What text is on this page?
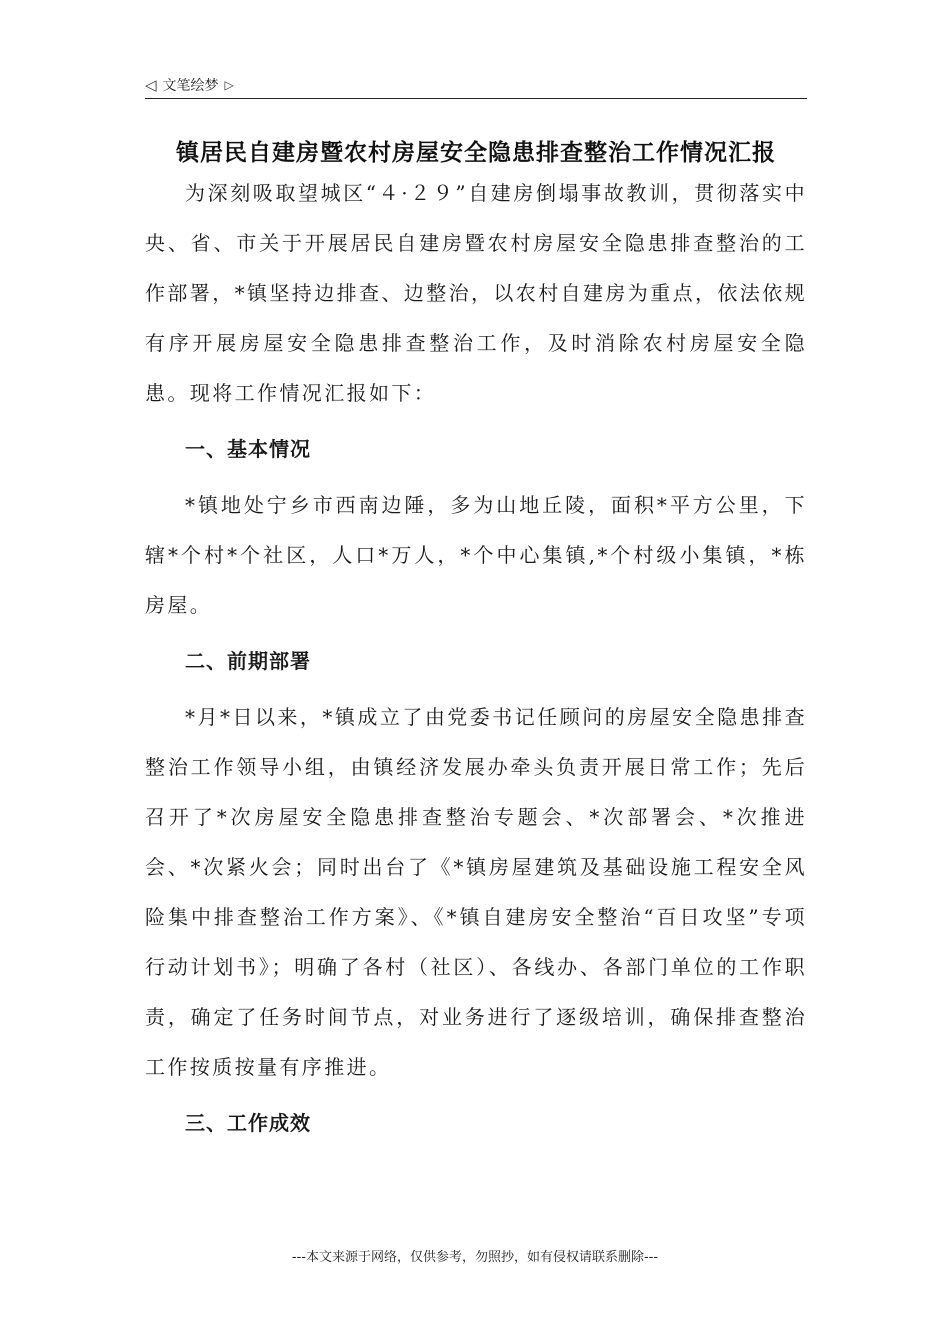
◁ 文笔绘梦 ▷
镇居民自建房暨农村房屋安全隐患排查整治工作情况汇报

为深刻吸取望城区“４·２９”自建房倒塌事故教训，贯彻落实中央、省、市关于开展居民自建房暨农村房屋安全隐患排查整治的工作部署，*镇坚持边排查、边整治，以农村自建房为重点，依法依规有序开展房屋安全隐患排查整治工作，及时消除农村房屋安全隐患。现将工作情况汇报如下：

一、基本情况

*镇地处宁乡市西南边陲，多为山地丘陵，面积*平方公里，下辖*个村*个社区，人口*万人，*个中心集镇,*个村级小集镇，*栋房屋。

二、前期部署

*月*日以来，*镇成立了由党委书记任顾问的房屋安全隐患排查整治工作领导小组，由镇经济发展办牵头负责开展日常工作；先后召开了*次房屋安全隐患排查整治专题会、*次部署会、*次推进会、*次紧火会；同时出台了《*镇房屋建筑及基础设施工程安全风险集中排查整治工作方案》、《*镇自建房安全整治“百日攻坚”专项行动计划书》；明确了各村（社区）、各线办、各部门单位的工作职责，确定了任务时间节点，对业务进行了逐级培训，确保排查整治工作按质按量有序推进。

三、工作成效
---本文来源于网络，仅供参考，勿照抄，如有侵权请联系删除---
